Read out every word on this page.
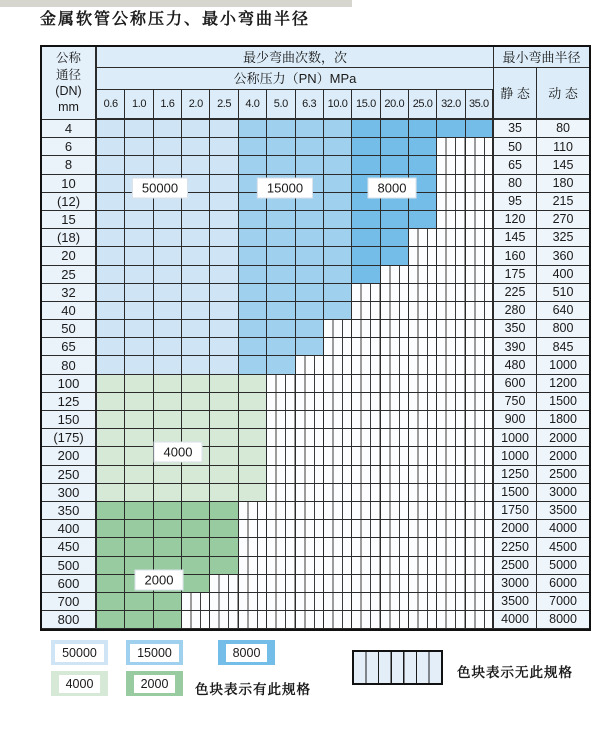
金属软管公称压力、最小弯曲半径
公称
通径
(DN)
mm
最少弯曲次数，次	最小弯曲半径
公称压力（PN）MPa
静 态	动 态
0.6	1.0	1.6	2.0	2.5	4.0	5.0	6.3	10.0 15.0 20.0 25.0 32.0 35.0
4	35	80
6	50	110
8	65	145
10	80	180
(12)	95	215
15	120	270
(18)	145	325
20	160	360
25	175	400
32	225	510
40	280	640
50	350	800
65	390	845
80	480	1000
100	600	1200
125	750	1500
150	900	1800
(175)	1000	2000
200	1000	2000
250	1250	2500
300	1500	3000
350	1750	3500
400	2000	4000
450	2250	4500
500	2500	5000
600	3000	6000
700	3500	7000
800	4000	8000
50000	15000	8000
4000
2000
50000	15000	8000
4000	2000	色块表示有此规格
色块表示无此规格
